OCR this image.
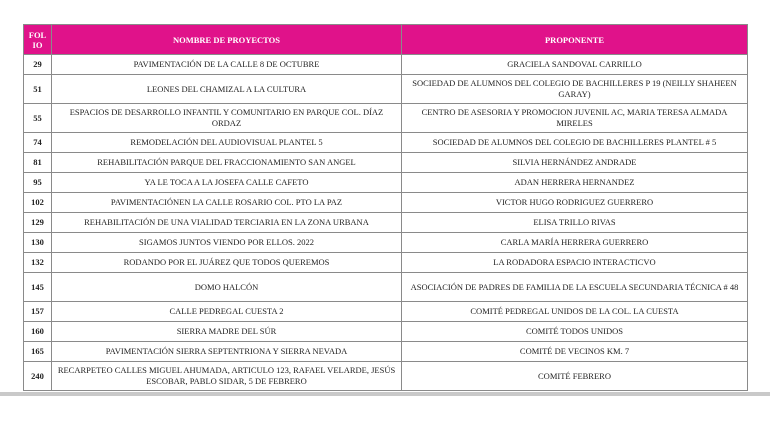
FOL IO	NOMBRE DE PROYECTOS	PROPONENTE
29	PAVIMENTACIÓN DE LA CALLE 8 DE OCTUBRE	GRACIELA SANDOVAL CARRILLO
51	LEONES DEL CHAMIZAL A LA CULTURA	SOCIEDAD DE ALUMNOS DEL COLEGIO DE BACHILLERES P 19 (NEILLY SHAHEEN GARAY)
55	ESPACIOS DE DESARROLLO INFANTIL Y COMUNITARIO EN PARQUE COL. DÍAZ ORDAZ	CENTRO DE ASESORIA Y PROMOCION JUVENIL AC, MARIA TERESA ALMADA MIRELES
74	REMODELACIÓN DEL AUDIOVISUAL PLANTEL 5	SOCIEDAD DE ALUMNOS DEL COLEGIO DE BACHILLERES PLANTEL # 5
81	REHABILITACIÓN PARQUE DEL FRACCIONAMIENTO SAN ANGEL	SILVIA HERNÁNDEZ ANDRADE
95	YA LE TOCA A LA JOSEFA CALLE CAFETO	ADAN HERRERA HERNANDEZ
102	PAVIMENTACIÓNEN LA CALLE ROSARIO COL. PTO LA PAZ	VICTOR HUGO RODRIGUEZ GUERRERO
129	REHABILITACIÓN DE UNA VIALIDAD TERCIARIA EN LA ZONA URBANA	ELISA TRILLO RIVAS
130	SIGAMOS JUNTOS VIENDO POR ELLOS. 2022	CARLA MARÍA HERRERA GUERRERO
132	RODANDO POR EL JUÁREZ QUE TODOS QUEREMOS	LA RODADORA ESPACIO INTERACTICVO
145	DOMO HALCÓN	ASOCIACIÓN DE PADRES DE FAMILIA DE LA ESCUELA SECUNDARIA TÉCNICA # 48
157	CALLE PEDREGAL CUESTA 2	COMITÉ PEDREGAL UNIDOS DE LA COL. LA CUESTA
160	SIERRA MADRE DEL SÚR	COMITÉ TODOS UNIDOS
165	PAVIMENTACIÓN SIERRA SEPTENTRIONA Y SIERRA NEVADA	COMITÉ DE VECINOS KM. 7
240	RECARPETEO CALLES MIGUEL AHUMADA, ARTICULO 123, RAFAEL VELARDE, JESÚS ESCOBAR, PABLO SIDAR, 5 DE FEBRERO	COMITÉ FEBRERO
